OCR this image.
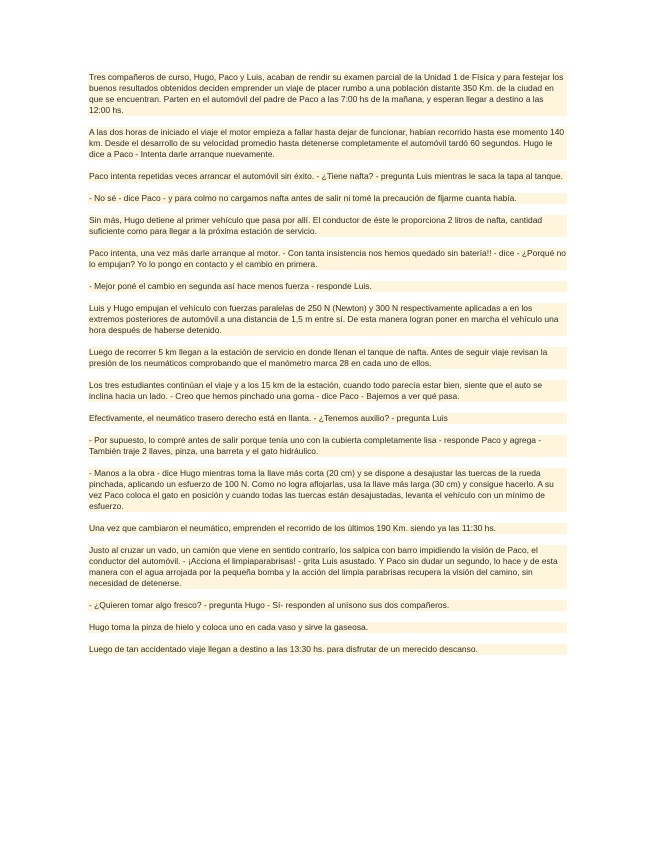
Tres compañeros de curso, Hugo, Paco y Luis, acaban de rendir su examen parcial de la Unidad 1 de Física y para festejar los buenos resultados obtenidos deciden emprender un viaje de placer rumbo a una población distante 350 Km. de la ciudad en que se encuentran. Parten en el automóvil del padre de Paco a las 7:00 hs de la mañana, y esperan llegar a destino a las 12:00 hs.

A las dos horas de iniciado el viaje el motor empieza a fallar hasta dejar de funcionar, habían recorrido hasta ese momento 140 km. Desde el desarrollo de su velocidad promedio hasta detenerse completamente el automóvil tardó 60 segundos. Hugo le dice a Paco - Intenta darle arranque nuevamente.

Paco intenta repetidas veces arrancar el automóvil sin éxito. - ¿Tiene nafta? - pregunta Luis mientras le saca la tapa al tanque.

- No sé - dice Paco - y para colmo no cargamos nafta antes de salir ni tomé la precaución de fijarme cuanta había.

Sin más, Hugo detiene al primer vehículo que pasa por allí. El conductor de éste le proporciona 2 litros de nafta, cantidad suficiente como para llegar a la próxima estación de servicio.

Paco intenta, una vez más darle arranque al motor. - Con tanta insistencia nos hemos quedado sin batería!! - dice - ¿Porqué no lo empujan? Yo lo pongo en contacto y el cambio en primera.

- Mejor poné el cambio en segunda así hace menos fuerza - responde Luis.

Luis y Hugo empujan el vehículo con fuerzas paralelas de 250 N (Newton) y 300 N respectivamente aplicadas a en los extremos posteriores de automóvil a una distancia de 1,5 m entre sí. De esta manera logran poner en marcha el vehículo una hora después de haberse detenido.

Luego de recorrer 5 km llegan a la estación de servicio en donde llenan el tanque de nafta. Antes de seguir viaje revisan la presión de los neumáticos comprobando que el manómetro marca 28 en cada uno de ellos.

Los tres estudiantes continúan el viaje y a los 15 km de la estación, cuando todo parecía estar bien, siente que el auto se inclina hacia un lado. - Creo que hemos pinchado una goma - dice Paco - Bajemos a ver qué pasa.

Efectivamente, el neumático trasero derecho está en llanta. - ¿Tenemos auxilio? - pregunta Luis

- Por supuesto, lo compré antes de salir porque tenía uno con la cubierta completamente lisa - responde Paco y agrega - También traje 2 llaves, pinza, una barreta y el gato hidráulico.

- Manos a la obra - dice Hugo mientras toma la llave más corta (20 cm) y se dispone a desajustar las tuercas de la rueda pinchada, aplicando un esfuerzo de 100 N. Como no logra aflojarlas, usa la llave más larga (30 cm) y consigue hacerlo. A su vez Paco coloca el gato en posición y cuando todas las tuercas están desajustadas, levanta el vehículo con un mínimo de esfuerzo.

Una vez que cambiaron el neumático, emprenden el recorrido de los últimos 190 Km. siendo ya las 11:30 hs.

Justo al cruzar un vado, un camión que viene en sentido contrario, los salpica con barro impidiendo la visión de Paco, el conductor del automóvil. - ¡Acciona el limpiaparabrisas! - grita Luis asustado. Y Paco sin dudar un segundo, lo hace y de esta manera con el agua arrojada por la pequeña bomba y la acción del limpia parabrisas recupera la visión del camino, sin necesidad de detenerse.

- ¿Quieren tomar algo fresco? - pregunta Hugo - Sí- responden al unísono sus dos compañeros.

Hugo toma la pinza de hielo y coloca uno en cada vaso y sirve la gaseosa.

Luego de tan accidentado viaje llegan a destino a las 13:30 hs. para disfrutar de un merecido descanso.
